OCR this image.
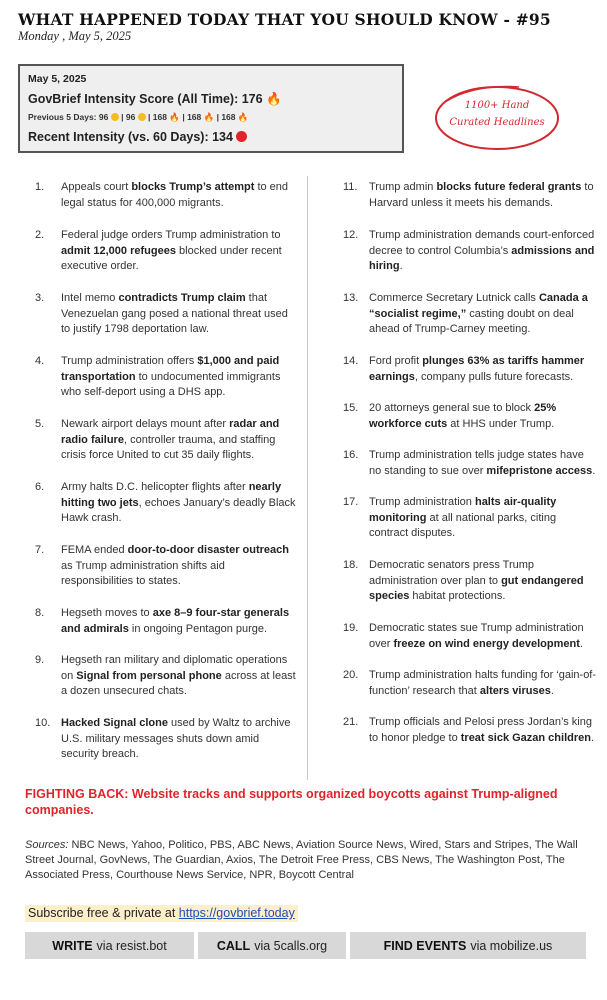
WHAT HAPPENED TODAY THAT YOU SHOULD KNOW - #95
Monday , May 5, 2025
May 5, 2025
GovBrief Intensity Score (All Time): 176 🔥
Previous 5 Days: 96  | 96  | 168 🔥 | 168 🔥 | 168 🔥
Recent Intensity (vs. 60 Days): 134
1100+ Hand
Curated Headlines
1. Appeals court blocks Trump’s attempt to end legal status for 400,000 migrants.
2. Federal judge orders Trump administration to admit 12,000 refugees blocked under recent executive order.
3. Intel memo contradicts Trump claim that Venezuelan gang posed a national threat used to justify 1798 deportation law.
4. Trump administration offers $1,000 and paid transportation to undocumented immigrants who self-deport using a DHS app.
5. Newark airport delays mount after radar and radio failure, controller trauma, and staffing crisis force United to cut 35 daily flights.
6. Army halts D.C. helicopter flights after nearly hitting two jets, echoes January’s deadly Black Hawk crash.
7. FEMA ended door-to-door disaster outreach as Trump administration shifts aid responsibilities to states.
8. Hegseth moves to axe 8–9 four-star generals and admirals in ongoing Pentagon purge.
9. Hegseth ran military and diplomatic operations on Signal from personal phone across at least a dozen unsecured chats.
10. Hacked Signal clone used by Waltz to archive U.S. military messages shuts down amid security breach.
11. Trump admin blocks future federal grants to Harvard unless it meets his demands.
12. Trump administration demands court-enforced decree to control Columbia’s admissions and hiring.
13. Commerce Secretary Lutnick calls Canada a “socialist regime,” casting doubt on deal ahead of Trump-Carney meeting.
14. Ford profit plunges 63% as tariffs hammer earnings, company pulls future forecasts.
15. 20 attorneys general sue to block 25% workforce cuts at HHS under Trump.
16. Trump administration tells judge states have no standing to sue over mifepristone access.
17. Trump administration halts air-quality monitoring at all national parks, citing contract disputes.
18. Democratic senators press Trump administration over plan to gut endangered species habitat protections.
19. Democratic states sue Trump administration over freeze on wind energy development.
20. Trump administration halts funding for ‘gain-of-function’ research that alters viruses.
21. Trump officials and Pelosi press Jordan’s king to honor pledge to treat sick Gazan children.
FIGHTING BACK: Website tracks and supports organized boycotts against Trump-aligned companies.
Sources: NBC News, Yahoo, Politico, PBS, ABC News, Aviation Source News, Wired, Stars and Stripes, The Wall Street Journal, GovNews, The Guardian, Axios, The Detroit Free Press, CBS News, The Washington Post, The Associated Press, Courthouse News Service, NPR, Boycott Central
Subscribe free & private at https://govbrief.today
WRITE via resist.bot	CALL via 5calls.org	FIND EVENTS via mobilize.us
